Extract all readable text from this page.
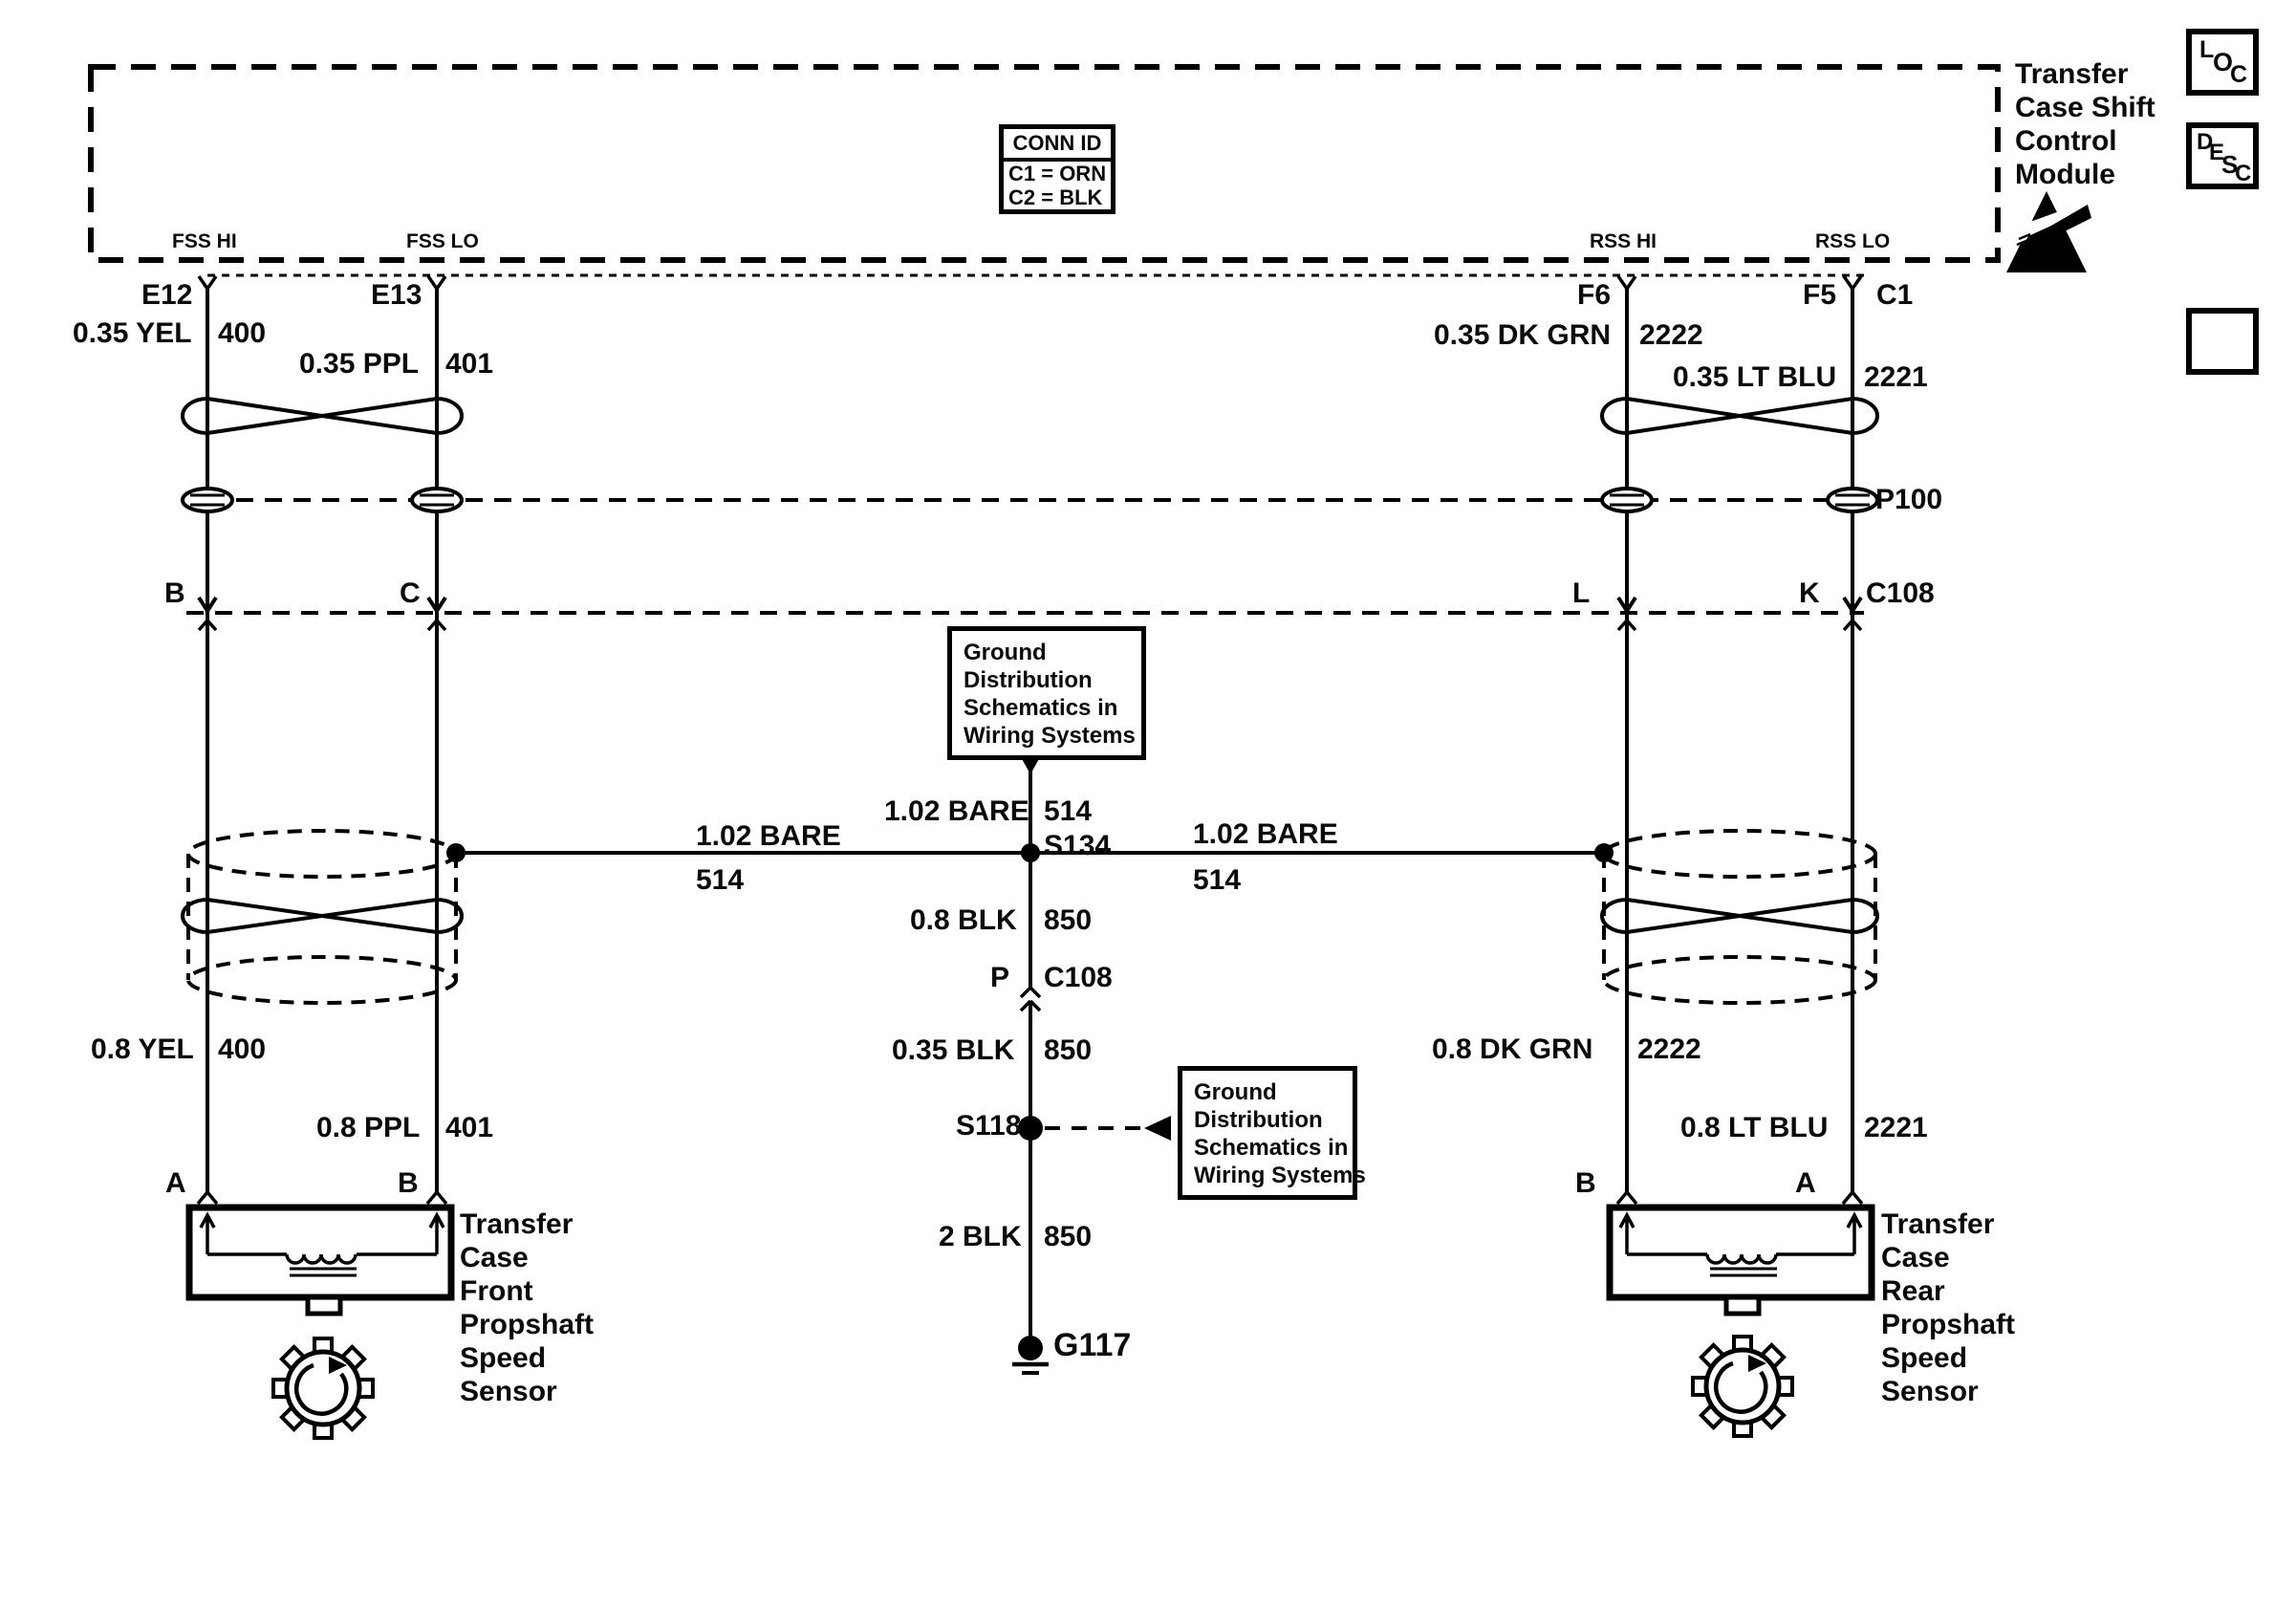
FSS HI	FSS LO	RSS HI	RSS LO
E12	E13	F6	F5 C1
0.35 YEL 400
0.35 PPL 401
0.35 DK GRN 2222
0.35 LT BLU 2221
P100
B	C	L	K C108
Ground
Distribution
Schematics in
Wiring Systems
1.02 BARE 514
S134
1.02 BARE
514
1.02 BARE
514
0.8 BLK 850
P C108
0.35 BLK 850
S118
Ground
Distribution
Schematics in
Wiring Systems
2 BLK 850
G117
0.8 YEL 400
0.8 PPL 401
0.8 DK GRN 2222
0.8 LT BLU 2221
A	B	B	A
Transfer
Case
Front
Propshaft
Speed
Sensor
Transfer
Case
Rear
Propshaft
Speed
Sensor
Transfer
Case Shift
Control
Module
CONN ID
C1 = ORN
C2 = BLK
L
O
C
D
E
S
C
